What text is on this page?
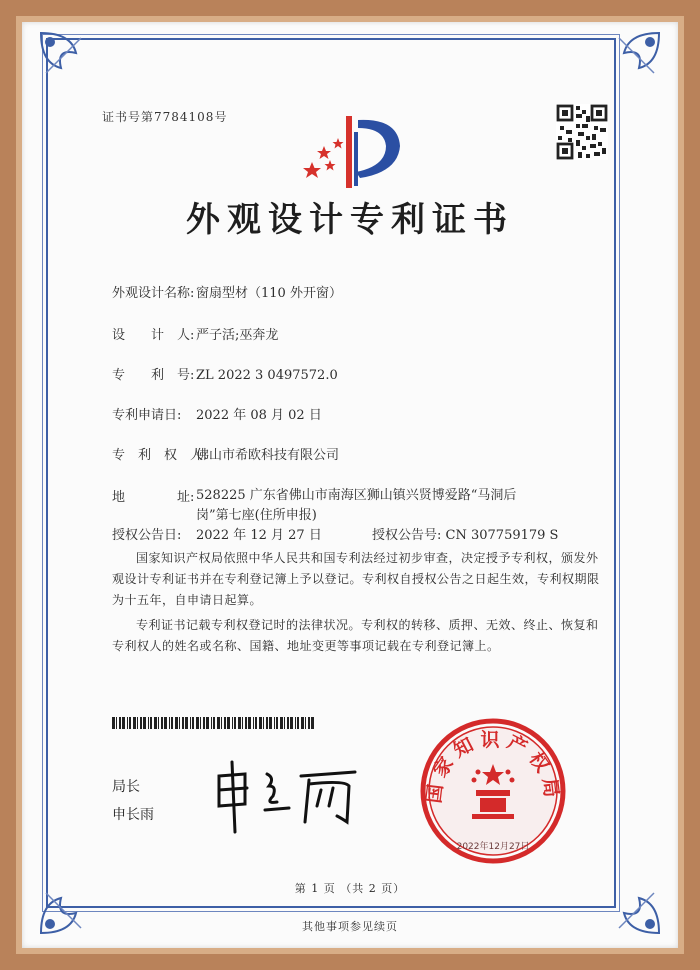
证书号第7784108号
外观设计专利证书
外观设计名称: 窗扇型材（110 外开窗）
设　　计　人: 严子活;巫奔龙
专　　利　号: ZL 2022 3 0497572.0
专利申请日: 2022 年 08 月 02 日
专　利　权　人:佛山市希欧科技有限公司
地　　　　址: 528225 广东省佛山市南海区狮山镇兴贤博爱路“马洞后岗”第七座(住所申报)
授权公告日: 2022 年 12 月 27 日	授权公告号: CN 307759179 S
国家知识产权局依照中华人民共和国专利法经过初步审查，决定授予专利权，颁发外观设计专利证书并在专利登记簿上予以登记。专利权自授权公告之日起生效，专利权期限为十五年，自申请日起算。
专利证书记载专利权登记时的法律状况。专利权的转移、质押、无效、终止、恢复和专利权人的姓名或名称、国籍、地址变更等事项记载在专利登记簿上。
局长
申长雨
国家知识产权局
2022年12月27日
第 1 页 （共 2 页）
其他事项参见续页
